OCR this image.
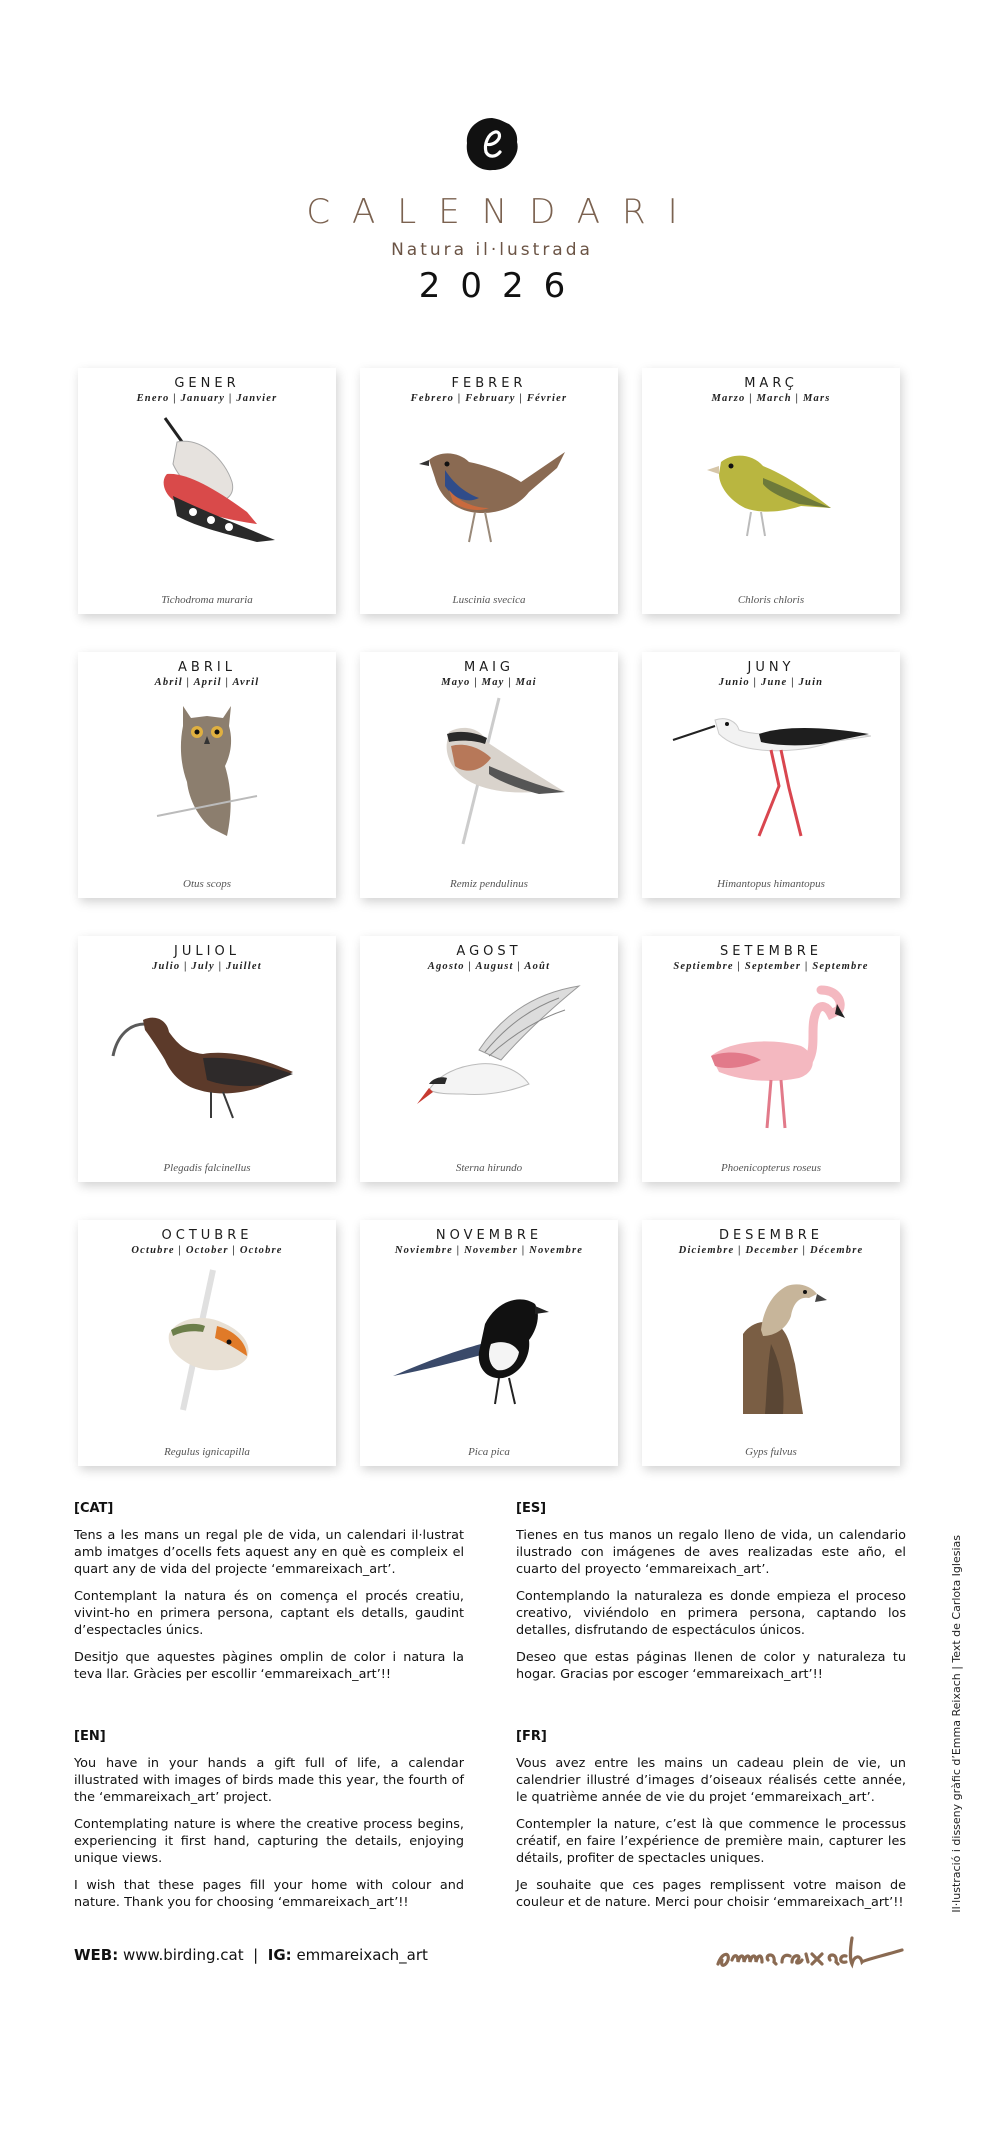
CALENDARI
Natura il·lustrada
2026
GENER
Enero | January | Janvier
Tichodroma muraria
FEBRER
Febrero | February | Février
Luscinia svecica
MARÇ
Marzo | March | Mars
Chloris chloris
ABRIL
Abril | April | Avril
Otus scops
MAIG
Mayo | May | Mai
Remiz pendulinus
JUNY
Junio | June | Juin
Himantopus himantopus
JULIOL
Julio | July | Juillet
Plegadis falcinellus
AGOST
Agosto | August | Août
Sterna hirundo
SETEMBRE
Septiembre | September | Septembre
Phoenicopterus roseus
OCTUBRE
Octubre | October | Octobre
Regulus ignicapilla
NOVEMBRE
Noviembre | November | Novembre
Pica pica
DESEMBRE
Diciembre | December | Décembre
Gyps fulvus
[CAT]

Tens a les mans un regal ple de vida, un calendari il·lustrat amb imatges d’ocells fets aquest any en què es compleix el quart any de vida del projecte ‘emmareixach_art’.

Contemplant la natura és on comença el procés creatiu, vivint-ho en primera persona, captant els detalls, gaudint d’espectacles únics.

Desitjo que aquestes pàgines omplin de color i natura la teva llar. Gràcies per escollir ‘emmareixach_art’!!

[ES]

Tienes en tus manos un regalo lleno de vida, un calendario ilustrado con imágenes de aves realizadas este año, el cuarto del proyecto ‘emmareixach_art’.

Contemplando la naturaleza es donde empieza el proceso creativo, viviéndolo en primera persona, captando los detalles, disfrutando de espectáculos únicos.

Deseo que estas páginas llenen de color y naturaleza tu hogar. Gracias por escoger ‘emmareixach_art’!!

[EN]

You have in your hands a gift full of life, a calendar illustrated with images of birds made this year, the fourth of the ‘emmareixach_art’ project.

Contemplating nature is where the creative process begins, experiencing it first hand, capturing the details, enjoying unique views.

I wish that these pages fill your home with colour and nature. Thank you for choosing ‘emmareixach_art’!!

[FR]

Vous avez entre les mains un cadeau plein de vie, un calendrier illustré d’images d’oiseaux réalisés cette année, le quatrième année de vie du projet ‘emmareixach_art’.

Contempler la nature, c’est là que commence le processus créatif, en faire l’expérience de première main, capturer les détails, profiter de spectacles uniques.

Je souhaite que ces pages remplissent votre maison de couleur et de nature. Merci pour choisir ‘emmareixach_art’!!

WEB: www.birding.cat | IG: emmareixach_art
Il·lustració i disseny gràfic d’Emma Reixach | Text de Carlota Iglesias
